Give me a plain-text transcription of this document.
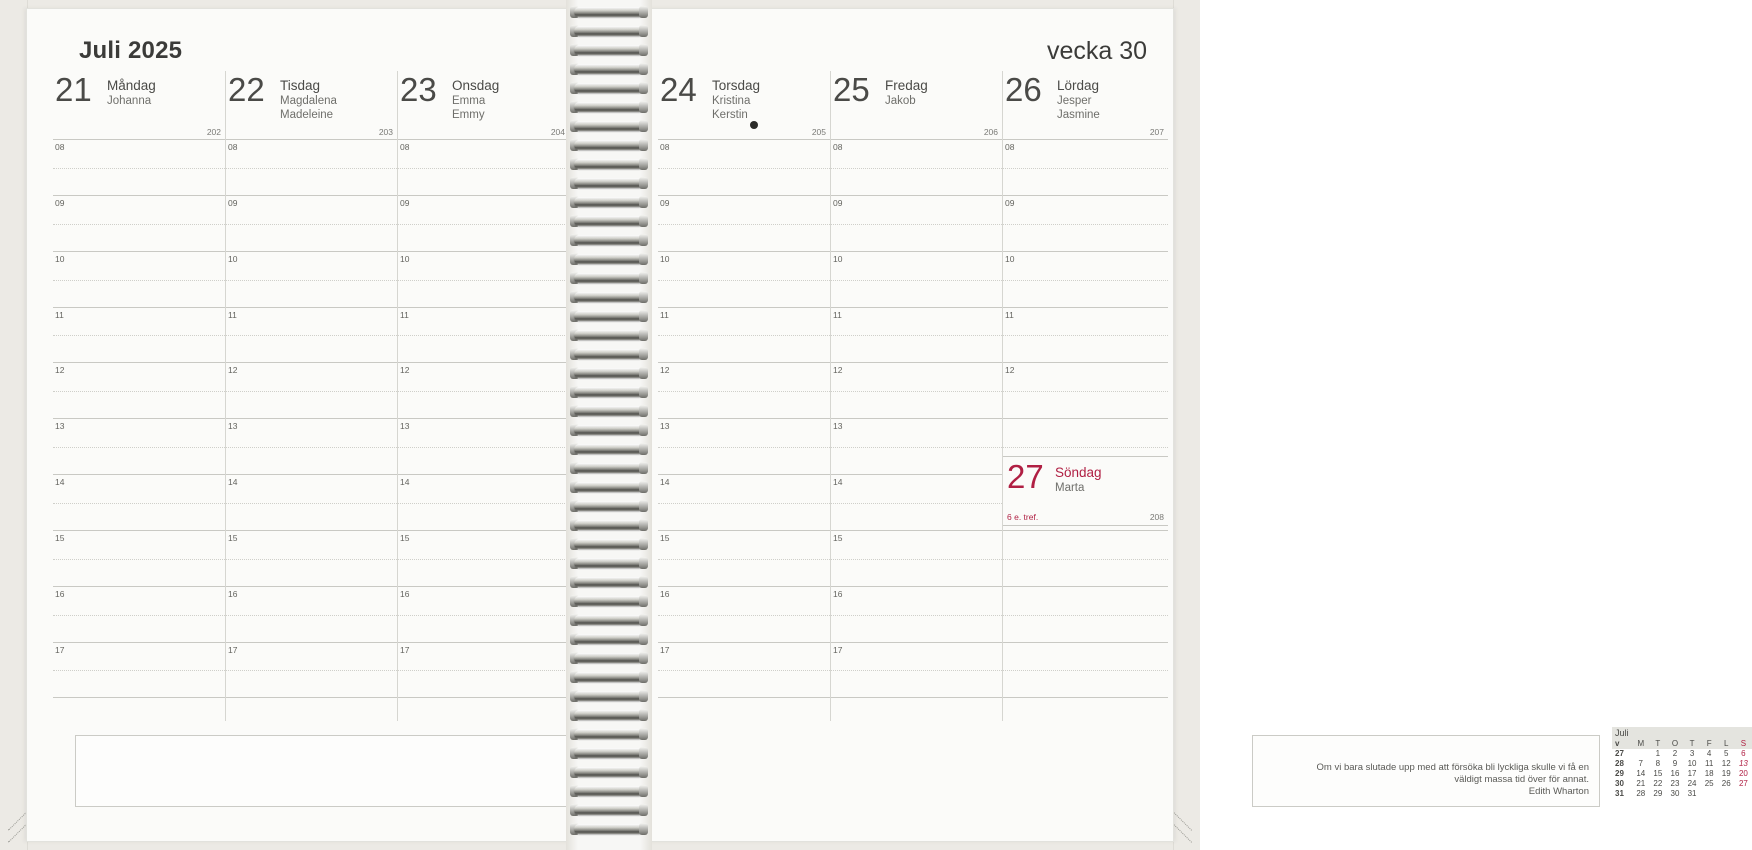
Juli 2025
21 Måndag
Johanna
202
08
09
10
11
12
13
14
15
16
17
22 Tisdag
Magdalena
Madeleine
203
08
09
10
11
12
13
14
15
16
17
23 Onsdag
Emma
Emmy
204
08
09
10
11
12
13
14
15
16
17
vecka 30
24 Torsdag
Kristina
Kerstin
205
08
09
10
11
12
13
14
15
16
17
25 Fredag
Jakob
206
08
09
10
11
12
13
14
15
16
17
26 Lördag
Jesper
Jasmine
207
08
09
10
11
12
27 Söndag
Marta
6 e. tref.	208
Om vi bara slutade upp med att försöka bli lyckliga skulle vi få en väldigt massa tid över för annat.
Edith Wharton
Juli
v	M	T	O	T	F	L	S
27		1	2	3	4	5	6
28	7	8	9	10	11	12	13
29	14	15	16	17	18	19	20
30	21	22	23	24	25	26	27
31	28	29	30	31			
